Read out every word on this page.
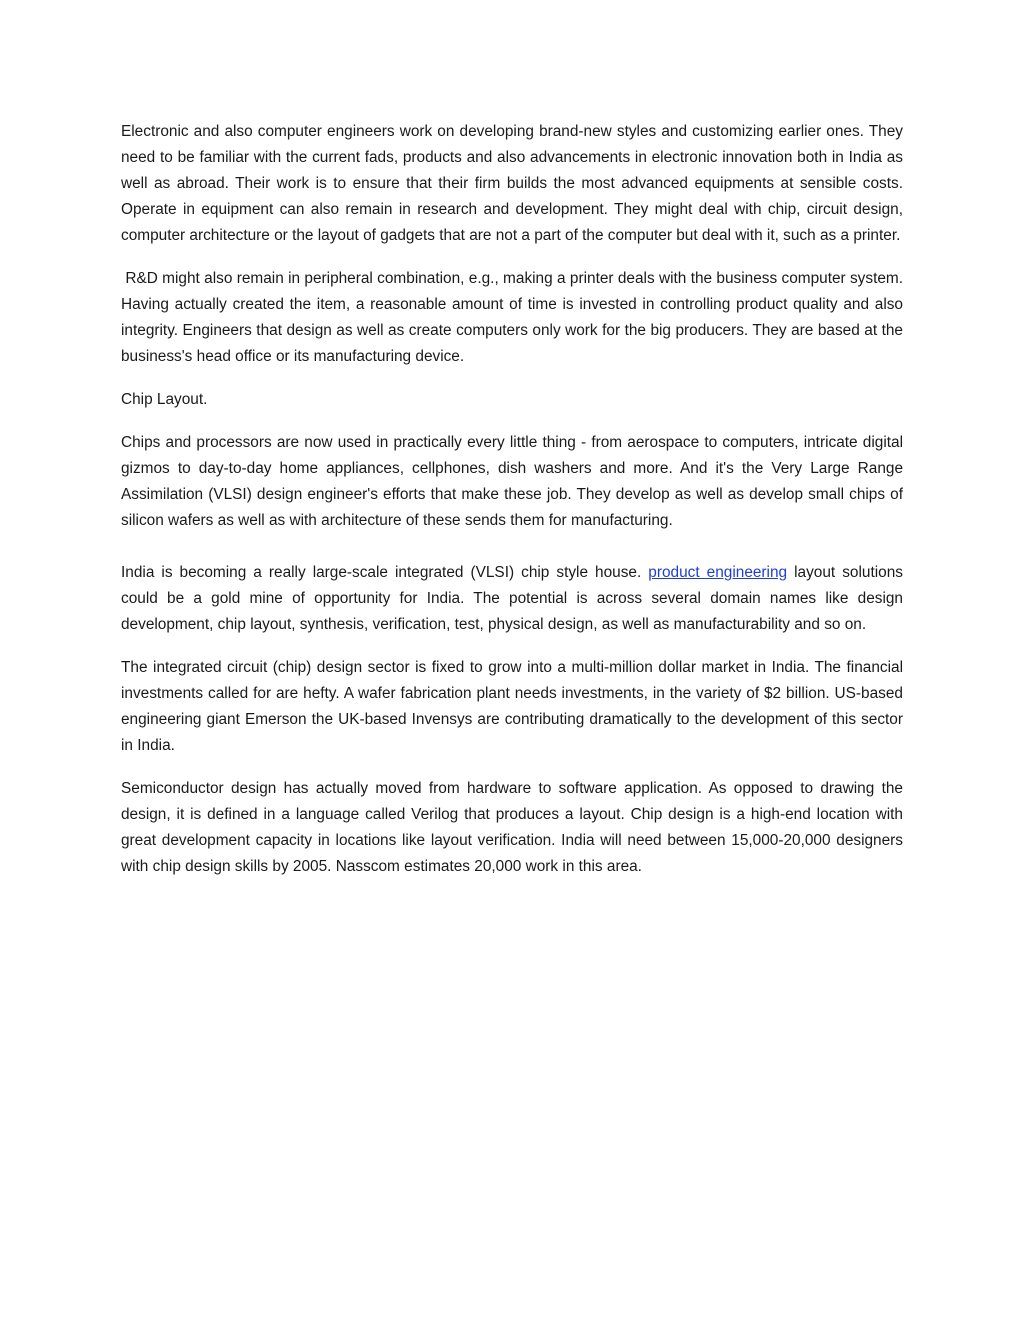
Electronic and also computer engineers work on developing brand-new styles and customizing earlier ones. They need to be familiar with the current fads, products and also advancements in electronic innovation both in India as well as abroad. Their work is to ensure that their firm builds the most advanced equipments at sensible costs. Operate in equipment can also remain in research and development. They might deal with chip, circuit design, computer architecture or the layout of gadgets that are not a part of the computer but deal with it, such as a printer.

R&D might also remain in peripheral combination, e.g., making a printer deals with the business computer system. Having actually created the item, a reasonable amount of time is invested in controlling product quality and also integrity. Engineers that design as well as create computers only work for the big producers. They are based at the business's head office or its manufacturing device.

Chip Layout.

Chips and processors are now used in practically every little thing - from aerospace to computers, intricate digital gizmos to day-to-day home appliances, cellphones, dish washers and more. And it's the Very Large Range Assimilation (VLSI) design engineer's efforts that make these job. They develop as well as develop small chips of silicon wafers as well as with architecture of these sends them for manufacturing.

India is becoming a really large-scale integrated (VLSI) chip style house. product engineering layout solutions could be a gold mine of opportunity for India. The potential is across several domain names like design development, chip layout, synthesis, verification, test, physical design, as well as manufacturability and so on.

The integrated circuit (chip) design sector is fixed to grow into a multi-million dollar market in India. The financial investments called for are hefty. A wafer fabrication plant needs investments, in the variety of $2 billion. US-based engineering giant Emerson the UK-based Invensys are contributing dramatically to the development of this sector in India.

Semiconductor design has actually moved from hardware to software application. As opposed to drawing the design, it is defined in a language called Verilog that produces a layout. Chip design is a high-end location with great development capacity in locations like layout verification. India will need between 15,000-20,000 designers with chip design skills by 2005. Nasscom estimates 20,000 work in this area.
